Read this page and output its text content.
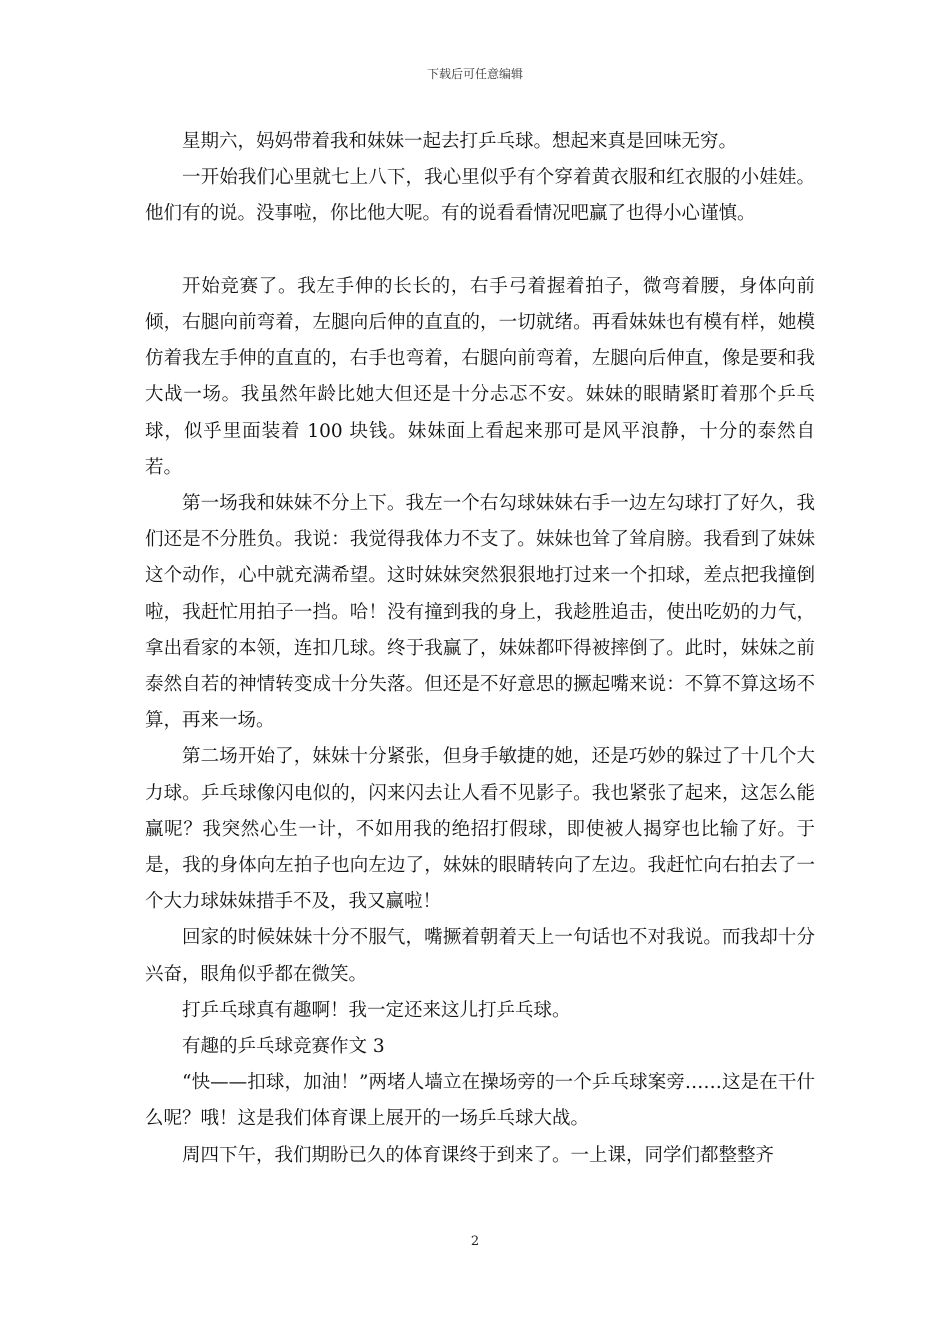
下载后可任意编辑

星期六，妈妈带着我和妹妹一起去打乒乓球。想起来真是回味无穷。

一开始我们心里就七上八下，我心里似乎有个穿着黄衣服和红衣服的小娃娃。他们有的说。没事啦，你比他大呢。有的说看看情况吧赢了也得小心谨慎。

开始竞赛了。我左手伸的长长的，右手弓着握着拍子，微弯着腰，身体向前倾，右腿向前弯着，左腿向后伸的直直的，一切就绪。再看妹妹也有模有样，她模仿着我左手伸的直直的，右手也弯着，右腿向前弯着，左腿向后伸直，像是要和我大战一场。我虽然年龄比她大但还是十分忐忑不安。妹妹的眼睛紧盯着那个乒乓球，似乎里面装着 100 块钱。妹妹面上看起来那可是风平浪静，十分的泰然自若。

第一场我和妹妹不分上下。我左一个右勾球妹妹右手一边左勾球打了好久，我们还是不分胜负。我说：我觉得我体力不支了。妹妹也耸了耸肩膀。我看到了妹妹这个动作，心中就充满希望。这时妹妹突然狠狠地打过来一个扣球，差点把我撞倒啦，我赶忙用拍子一挡。哈！没有撞到我的身上，我趁胜追击，使出吃奶的力气，拿出看家的本领，连扣几球。终于我赢了，妹妹都吓得被摔倒了。此时，妹妹之前泰然自若的神情转变成十分失落。但还是不好意思的撅起嘴来说：不算不算这场不算，再来一场。

第二场开始了，妹妹十分紧张，但身手敏捷的她，还是巧妙的躲过了十几个大力球。乒乓球像闪电似的，闪来闪去让人看不见影子。我也紧张了起来，这怎么能赢呢？我突然心生一计，不如用我的绝招打假球，即使被人揭穿也比输了好。于是，我的身体向左拍子也向左边了，妹妹的眼睛转向了左边。我赶忙向右拍去了一个大力球妹妹措手不及，我又赢啦！

回家的时候妹妹十分不服气，嘴撅着朝着天上一句话也不对我说。而我却十分兴奋，眼角似乎都在微笑。

打乒乓球真有趣啊！我一定还来这儿打乒乓球。

有趣的乒乓球竞赛作文 3

“快——扣球，加油！”两堵人墙立在操场旁的一个乒乓球案旁……这是在干什么呢？哦！这是我们体育课上展开的一场乒乓球大战。

周四下午，我们期盼已久的体育课终于到来了。一上课，同学们都整整齐

2
